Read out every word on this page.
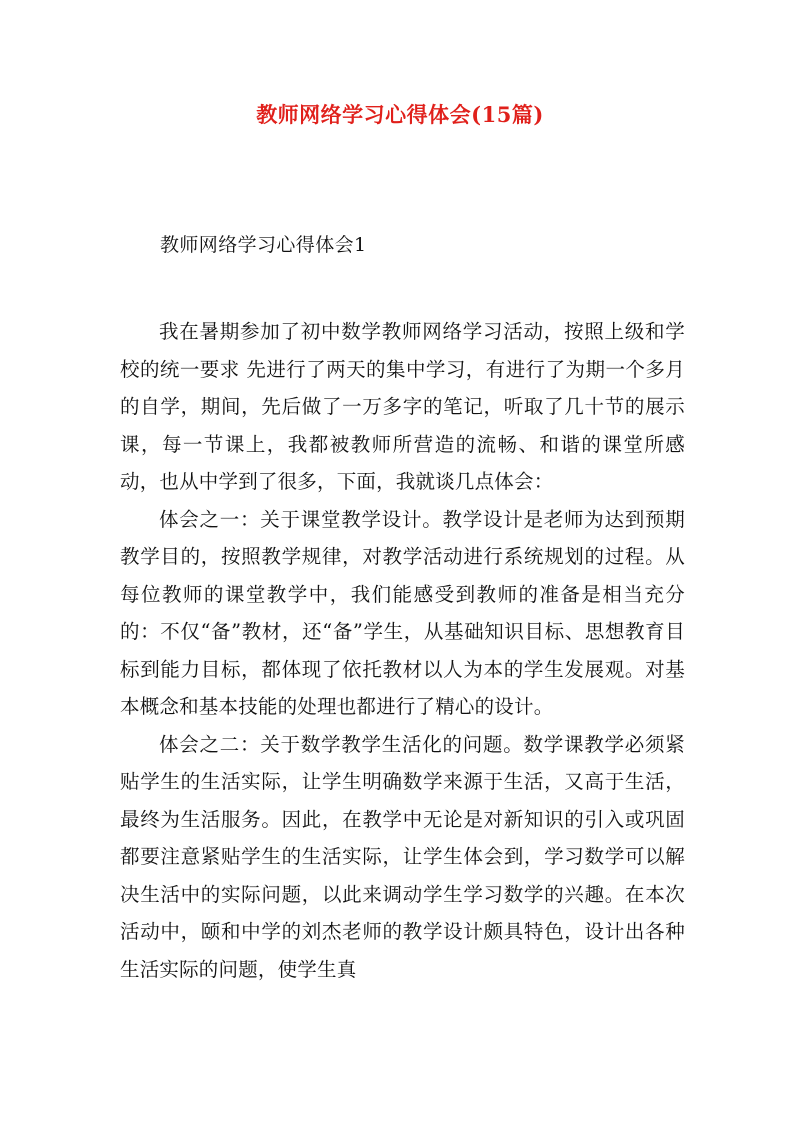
教师网络学习心得体会(15篇)
教师网络学习心得体会1

我在暑期参加了初中数学教师网络学习活动，按照上级和学校的统一要求 先进行了两天的集中学习，有进行了为期一个多月的自学，期间，先后做了一万多字的笔记，听取了几十节的展示课，每一节课上，我都被教师所营造的流畅、和谐的课堂所感动，也从中学到了很多，下面，我就谈几点体会：

体会之一：关于课堂教学设计。教学设计是老师为达到预期教学目的，按照教学规律，对教学活动进行系统规划的过程。从每位教师的课堂教学中，我们能感受到教师的准备是相当充分的：不仅“备”教材，还“备”学生，从基础知识目标、思想教育目标到能力目标，都体现了依托教材以人为本的学生发展观。对基本概念和基本技能的处理也都进行了精心的设计。

体会之二：关于数学教学生活化的问题。数学课教学必须紧贴学生的生活实际，让学生明确数学来源于生活，又高于生活，最终为生活服务。因此，在教学中无论是对新知识的引入或巩固都要注意紧贴学生的生活实际，让学生体会到，学习数学可以解决生活中的实际问题，以此来调动学生学习数学的兴趣。在本次活动中，颐和中学的刘杰老师的教学设计颇具特色，设计出各种生活实际的问题，使学生真
